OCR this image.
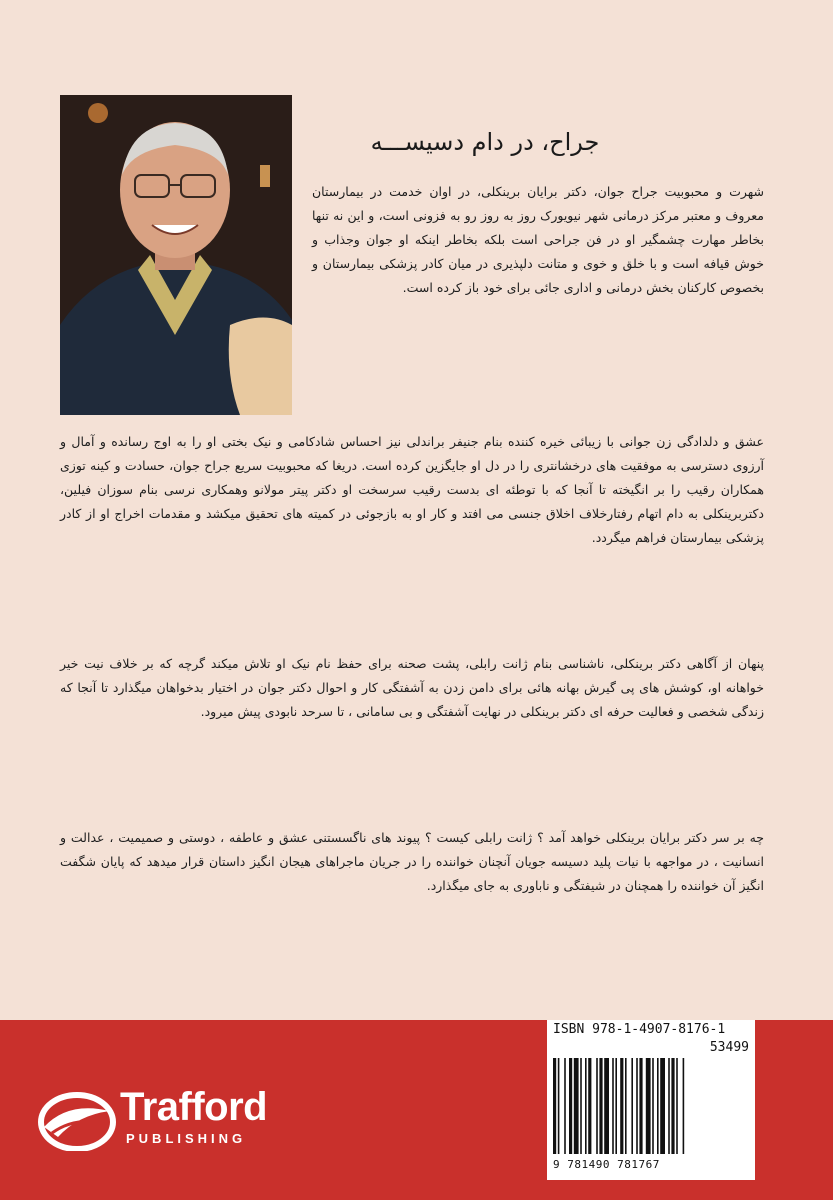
جراح، در دام دسیســـه

شهرت و محبوبیت جراح جوان، دکتر برایان برینکلی، در اوان خدمت در بیمارستان معروف و معتبر مرکز درمانی شهر نیویورک روز به روز رو به فزونی است، و این نه تنها بخاطر مهارت چشمگیر او در فن جراحی است بلکه بخاطر اینکه او جوان وجذاب و خوش قیافه است و با خلق و خوی و متانت دلپذیری در میان کادر پزشکی بیمارستان و بخصوص کارکنان بخش درمانی و اداری جائی برای خود باز کرده است.

عشق و دلدادگی زن جوانی با زیبائی خیره کننده بنام جنیفر براندلی نیز احساس شادکامی و نیک بختی او را به اوج رسانده و آمال و آرزوی دسترسی به موفقیت های درخشانتری را در دل او جایگزین کرده است. دریغا که محبوبیت سریع جراح جوان، حسادت و کینه توزی همکاران رقیب را بر انگیخته تا آنجا که با توطئه ای بدست رقیب سرسخت او دکتر پیتر مولانو وهمکاری نرسی بنام سوزان فیلین، دکتربرینکلی به دام اتهام رفتارخلاف اخلاق جنسی می افتد و کار او به بازجوئی در کمیته های تحقیق میکشد و مقدمات اخراج او از کادر پزشکی بیمارستان فراهم میگردد.

پنهان از آگاهی دکتر برینکلی، ناشناسی بنام ژانت رابلی، پشت صحنه برای حفظ نام نیک او تلاش میکند گرچه که بر خلاف نیت خیر خواهانه او، کوشش های پی گیرش بهانه هائی برای دامن زدن به آشفتگی کار و احوال دکتر جوان در اختیار بدخواهان میگذارد تا آنجا که زندگی شخصی و فعالیت حرفه ای دکتر برینکلی در نهایت آشفتگی و بی سامانی ، تا سرحد نابودی پیش میرود.

چه بر سر دکتر برایان برینکلی خواهد آمد ؟ ژانت رابلی کیست ؟ پیوند های ناگسستنی عشق و عاطفه ، دوستی و صمیمیت ، عدالت و انسانیت ، در مواجهه با نیات پلید دسیسه جویان آنچنان خواننده را در جریان ماجراهای هیجان انگیز داستان قرار میدهد که پایان شگفت انگیز آن خواننده را همچنان در شیفتگی و ناباوری به جای میگذارد.

Trafford
PUBLISHING
ISBN 978-1-4907-8176-1
53499
9 781490 781767
